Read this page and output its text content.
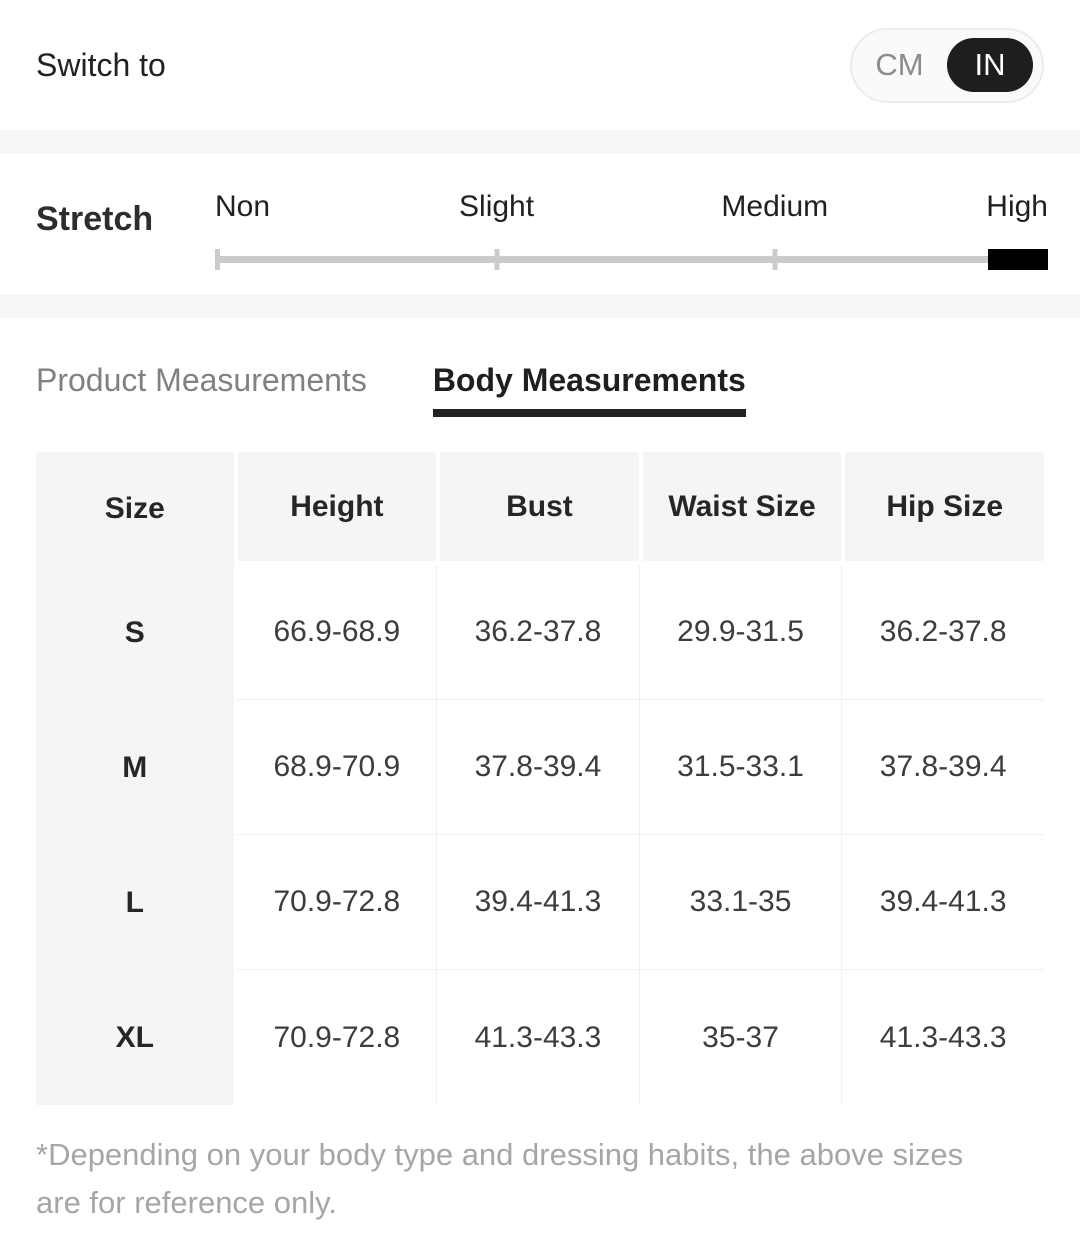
Switch to	CM	IN
Stretch	Non	Slight	Medium	High
Product Measurements Body Measurements
Size	Height	Bust	Waist Size	Hip Size
S	66.9-68.9	36.2-37.8	29.9-31.5	36.2-37.8
M	68.9-70.9	37.8-39.4	31.5-33.1	37.8-39.4
L	70.9-72.8	39.4-41.3	33.1-35	39.4-41.3
XL	70.9-72.8	41.3-43.3	35-37	41.3-43.3
*Depending on your body type and dressing habits, the above sizes are for reference only.
